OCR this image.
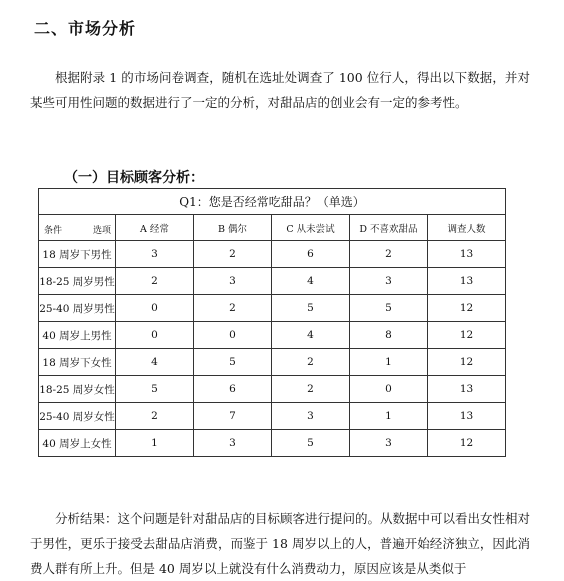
二、市场分析
根据附录 1 的市场问卷调查，随机在选址处调查了 100 位行人，得出以下数据，并对某些可用性问题的数据进行了一定的分析，对甜品店的创业会有一定的参考性。
（一）目标顾客分析：
Q1：您是否经常吃甜品？（单选）					

条件 选项	A 经常	B 偶尔	C 从未尝试	D 不喜欢甜品	调查人数
18 周岁下男性	3	2	6	2	13
18-25 周岁男性	2	3	4	3	13
25-40 周岁男性	0	2	5	5	12
40 周岁上男性	0	0	4	8	12
18 周岁下女性	4	5	2	1	12
18-25 周岁女性	5	6	2	0	13
25-40 周岁女性	2	7	3	1	13
40 周岁上女性	1	3	5	3	12
分析结果：这个问题是针对甜品店的目标顾客进行提问的。从数据中可以看出女性相对于男性，更乐于接受去甜品店消费，而鉴于 18 周岁以上的人，普遍开始经济独立，因此消费人群有所上升。但是 40 周岁以上就没有什么消费动力，原因应该是从类似于
